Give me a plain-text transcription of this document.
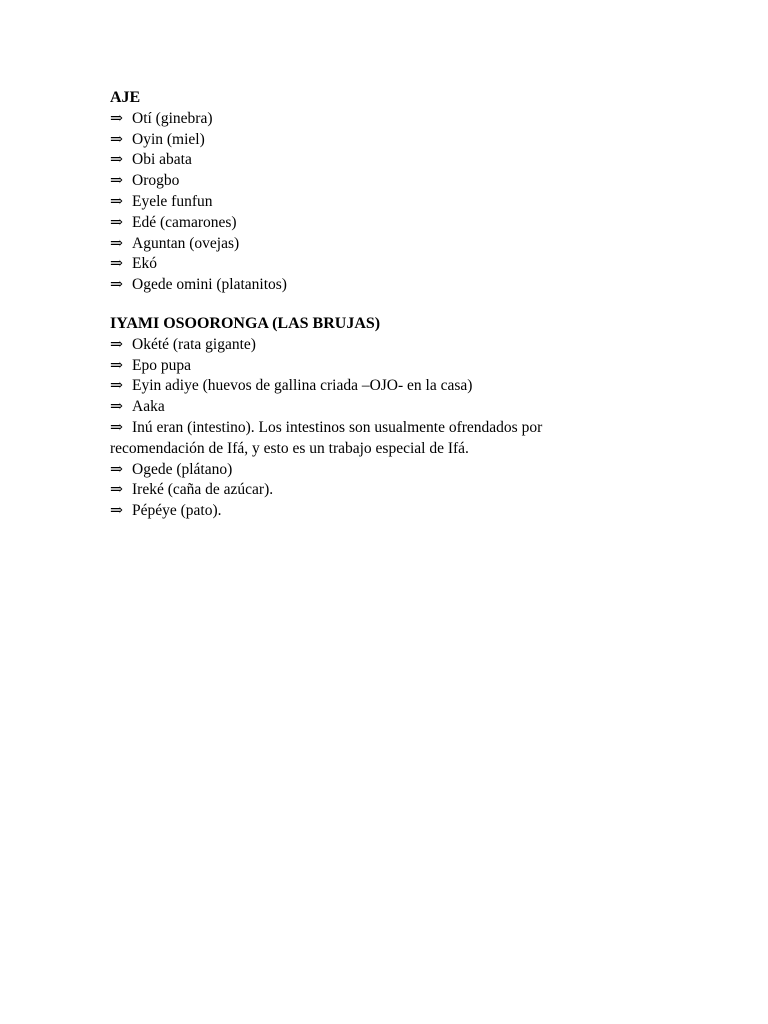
AJE
⇒ Otí (ginebra)
⇒ Oyin (miel)
⇒ Obi abata
⇒ Orogbo
⇒ Eyele funfun
⇒ Edé (camarones)
⇒ Aguntan (ovejas)
⇒ Ekó
⇒ Ogede omini (platanitos)
IYAMI OSOORONGA (LAS BRUJAS)
⇒ Okété (rata gigante)
⇒ Epo pupa
⇒ Eyin adiye (huevos de gallina criada –OJO- en la casa)
⇒ Aaka
⇒ Inú eran (intestino). Los intestinos son usualmente ofrendados por recomendación de Ifá, y esto es un trabajo especial de Ifá.
⇒ Ogede (plátano)
⇒ Ireké (caña de azúcar).
⇒ Pépéye (pato).
